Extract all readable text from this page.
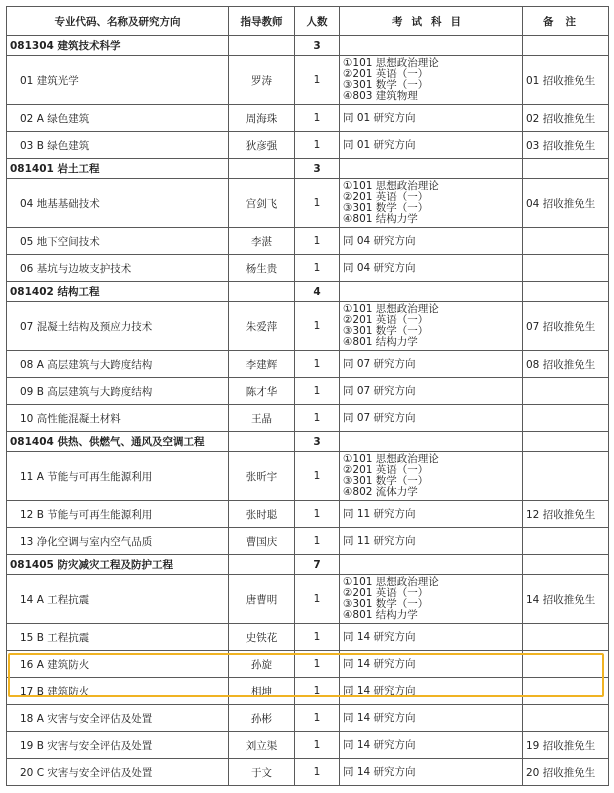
专业代码、名称及研究方向	指导教师	人数	考试科目	备注
081304 建筑技术科学		3		
01 建筑光学	罗涛	1	①101 思想政治理论
②201 英语（一）
③301 数学（一）
④803 建筑物理	01 招收推免生
02 A 绿色建筑	周海珠	1	同 01 研究方向	02 招收推免生
03 B 绿色建筑	狄彦强	1	同 01 研究方向	03 招收推免生
081401 岩土工程		3		
04 地基基础技术	宫剑飞	1	①101 思想政治理论
②201 英语（一）
③301 数学（一）
④801 结构力学	04 招收推免生
05 地下空间技术	李湛	1	同 04 研究方向	

06 基坑与边坡支护技术	杨生贵	1	同 04 研究方向	

081402 结构工程		4		
07 混凝土结构及预应力技术	朱爱萍	1	①101 思想政治理论
②201 英语（一）
③301 数学（一）
④801 结构力学	07 招收推免生
08 A 高层建筑与大跨度结构	李建辉	1	同 07 研究方向	08 招收推免生
09 B 高层建筑与大跨度结构	陈才华	1	同 07 研究方向	

10 高性能混凝土材料	王晶	1	同 07 研究方向	

081404 供热、供燃气、通风及空调工程		3		
11 A 节能与可再生能源利用	张昕宇	1	①101 思想政治理论
②201 英语（一）
③301 数学（一）
④802 流体力学	

12 B 节能与可再生能源利用	张时聪	1	同 11 研究方向	12 招收推免生
13 净化空调与室内空气品质	曹国庆	1	同 11 研究方向	

081405 防灾减灾工程及防护工程		7		
14 A 工程抗震	唐曹明	1	①101 思想政治理论
②201 英语（一）
③301 数学（一）
④801 结构力学	14 招收推免生
15 B 工程抗震	史铁花	1	同 14 研究方向	

16 A 建筑防火	孙旋	1	同 14 研究方向	

17 B 建筑防火	相坤	1	同 14 研究方向	

18 A 灾害与安全评估及处置	孙彬	1	同 14 研究方向	

19 B 灾害与安全评估及处置	刘立渠	1	同 14 研究方向	19 招收推免生
20 C 灾害与安全评估及处置	于文	1	同 14 研究方向	20 招收推免生
